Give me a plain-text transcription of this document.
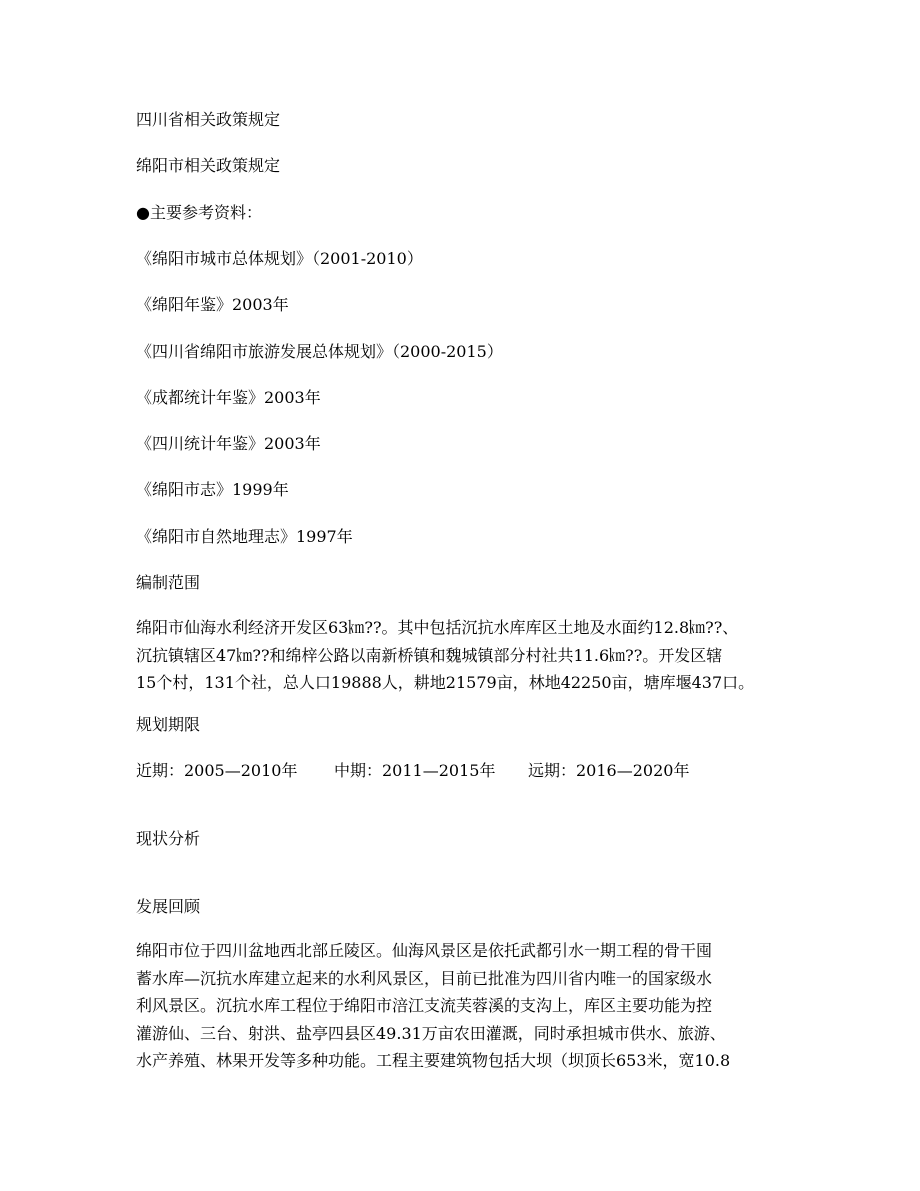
四川省相关政策规定
绵阳市相关政策规定
●主要参考资料：
《绵阳市城市总体规划》（2001-2010）
《绵阳年鉴》2003年
《四川省绵阳市旅游发展总体规划》（2000-2015）
《成都统计年鉴》2003年
《四川统计年鉴》2003年
《绵阳市志》1999年
《绵阳市自然地理志》1997年
编制范围
绵阳市仙海水利经济开发区63㎞??。其中包括沉抗水库库区土地及水面约12.8㎞??、
沉抗镇辖区47㎞??和绵梓公路以南新桥镇和魏城镇部分村社共11.6㎞??。开发区辖
15个村，131个社，总人口19888人，耕地21579亩，林地42250亩，塘库堰437口。
规划期限
近期：2005—2010年 中期：2011—2015年 远期：2016—2020年
现状分析
发展回顾
绵阳市位于四川盆地西北部丘陵区。仙海风景区是依托武都引水一期工程的骨干囤
蓄水库—沉抗水库建立起来的水利风景区，目前已批准为四川省内唯一的国家级水
利风景区。沉抗水库工程位于绵阳市涪江支流芙蓉溪的支沟上，库区主要功能为控
灌游仙、三台、射洪、盐亭四县区49.31万亩农田灌溉，同时承担城市供水、旅游、
水产养殖、林果开发等多种功能。工程主要建筑物包括大坝（坝顶长653米，宽10.8
